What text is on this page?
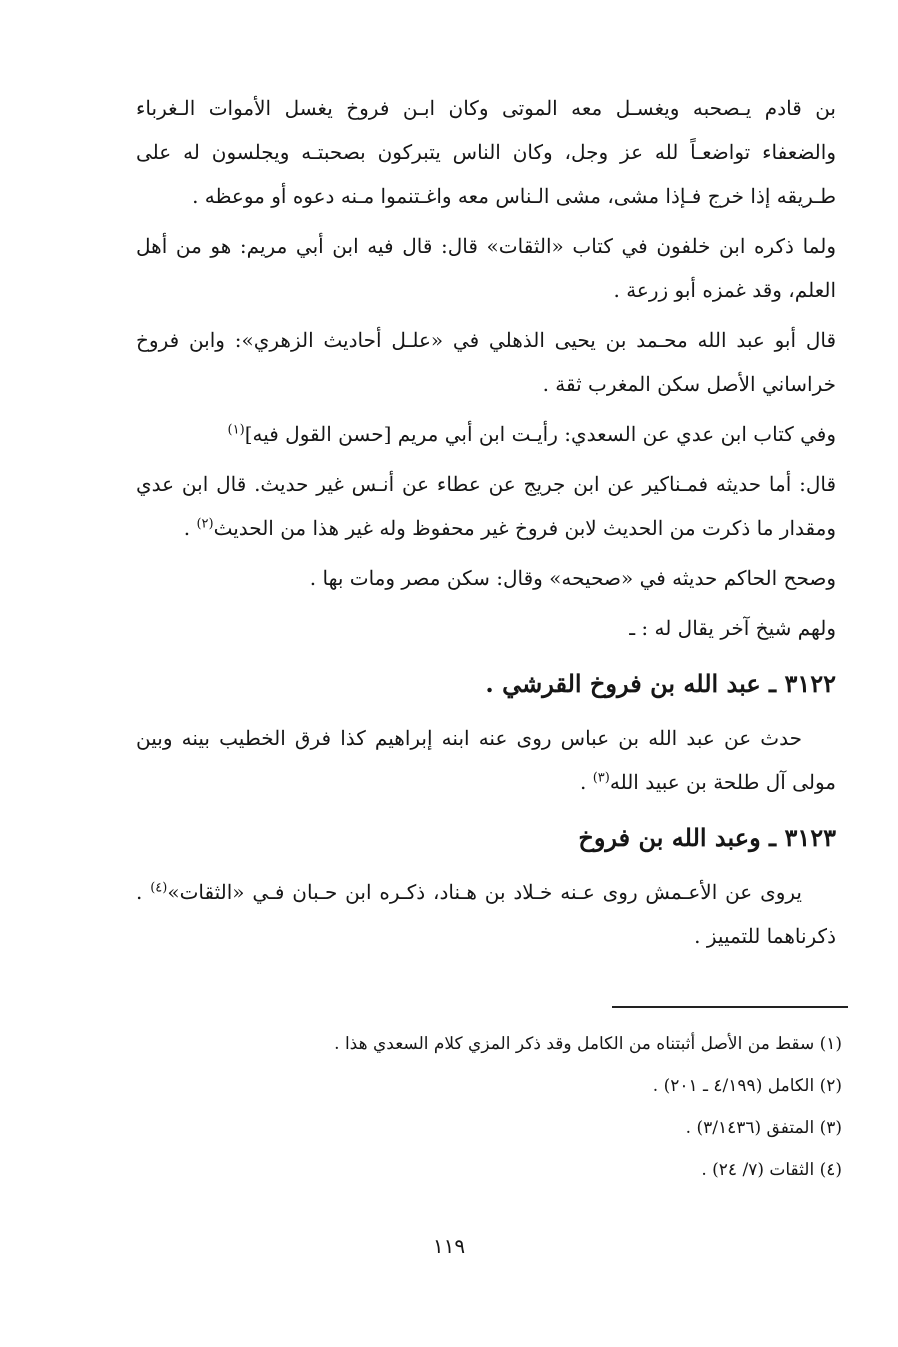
بن قادم يـصحبه ويغسـل معه الموتى وكان ابـن فروخ يغسل الأموات الـغرباء والضعفاء تواضعـاً لله عز وجل، وكان الناس يتبركون بصحبتـه ويجلسون له على طـريقه إذا خرج فـإذا مشى، مشى الـناس معه واغـتنموا مـنه دعوه أو موعظه .

ولما ذكره ابن خلفون في كتاب «الثقات» قال: قال فيه ابن أبي مريم: هو من أهل العلم، وقد غمزه أبو زرعة .

قال أبو عبد الله محـمد بن يحيى الذهلي في «علـل أحاديث الزهري»: وابن فروخ خراساني الأصل سكن المغرب ثقة .

وفي كتاب ابن عدي عن السعدي: رأيـت ابن أبي مريم [حسن القول فيه]$^{(١)}$

قال: أما حديثه فمـناكير عن ابن جريج عن عطاء عن أنـس غير حديث. قال ابن عدي ومقدار ما ذكرت من الحديث لابن فروخ غير محفوظ وله غير هذا من الحديث$^{(٢)}$ .

وصحح الحاكم حديثه في «صحيحه» وقال: سكن مصر ومات بها .

ولهم شيخ آخر يقال له : ـ

٣١٢٢ ـ عبد الله بن فروخ القرشي .

حدث عن عبد الله بن عباس روى عنه ابنه إبراهيم كذا فرق الخطيب بينه وبين مولى آل طلحة بن عبيد الله$^{(٣)}$ .

٣١٢٣ ـ وعبد الله بن فروخ

يروى عن الأعـمش روى عـنه خـلاد بن هـناد، ذكـره ابن حـبان فـي «الثقات»$^{(٤)}$ . ذكرناهما للتمييز .

(١) سقط من الأصل أثبتناه من الكامل وقد ذكر المزي كلام السعدي هذا .

(٢) الكامل (٤/١٩٩ ـ ٢٠١) .

(٣) المتفق (٣/١٤٣٦) .

(٤) الثقات (٧/ ٢٤) .

١١٩
